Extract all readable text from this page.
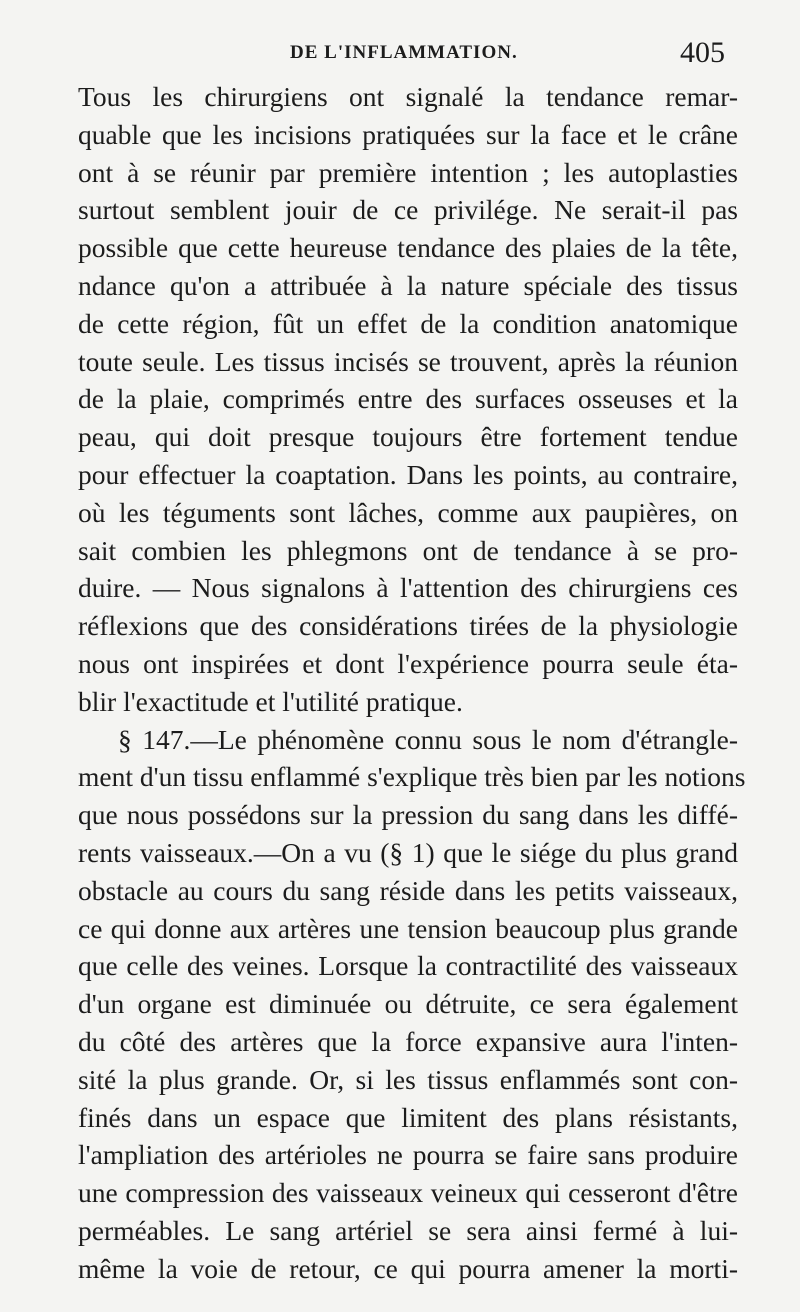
DE L'INFLAMMATION.	405
Tous les chirurgiens ont signalé la tendance remar-
quable que les incisions pratiquées sur la face et le crâne
ont à se réunir par première intention ; les autoplasties
surtout semblent jouir de ce privilége. Ne serait-il pas
possible que cette heureuse tendance des plaies de la tête,
ndance qu'on a attribuée à la nature spéciale des tissus
de cette région, fût un effet de la condition anatomique
toute seule. Les tissus incisés se trouvent, après la réunion
de la plaie, comprimés entre des surfaces osseuses et la
peau, qui doit presque toujours être fortement tendue
pour effectuer la coaptation. Dans les points, au contraire,
où les téguments sont lâches, comme aux paupières, on
sait combien les phlegmons ont de tendance à se pro-
duire. — Nous signalons à l'attention des chirurgiens ces
réflexions que des considérations tirées de la physiologie
nous ont inspirées et dont l'expérience pourra seule éta-
blir l'exactitude et l'utilité pratique.
§ 147.—Le phénomène connu sous le nom d'étrangle-
ment d'un tissu enflammé s'explique très bien par les notions
que nous possédons sur la pression du sang dans les diffé-
rents vaisseaux.—On a vu (§ 1) que le siége du plus grand
obstacle au cours du sang réside dans les petits vaisseaux,
ce qui donne aux artères une tension beaucoup plus grande
que celle des veines. Lorsque la contractilité des vaisseaux
d'un organe est diminuée ou détruite, ce sera également
du côté des artères que la force expansive aura l'inten-
sité la plus grande. Or, si les tissus enflammés sont con-
finés dans un espace que limitent des plans résistants,
l'ampliation des artérioles ne pourra se faire sans produire
une compression des vaisseaux veineux qui cesseront d'être
perméables. Le sang artériel se sera ainsi fermé à lui-
même la voie de retour, ce qui pourra amener la morti-
